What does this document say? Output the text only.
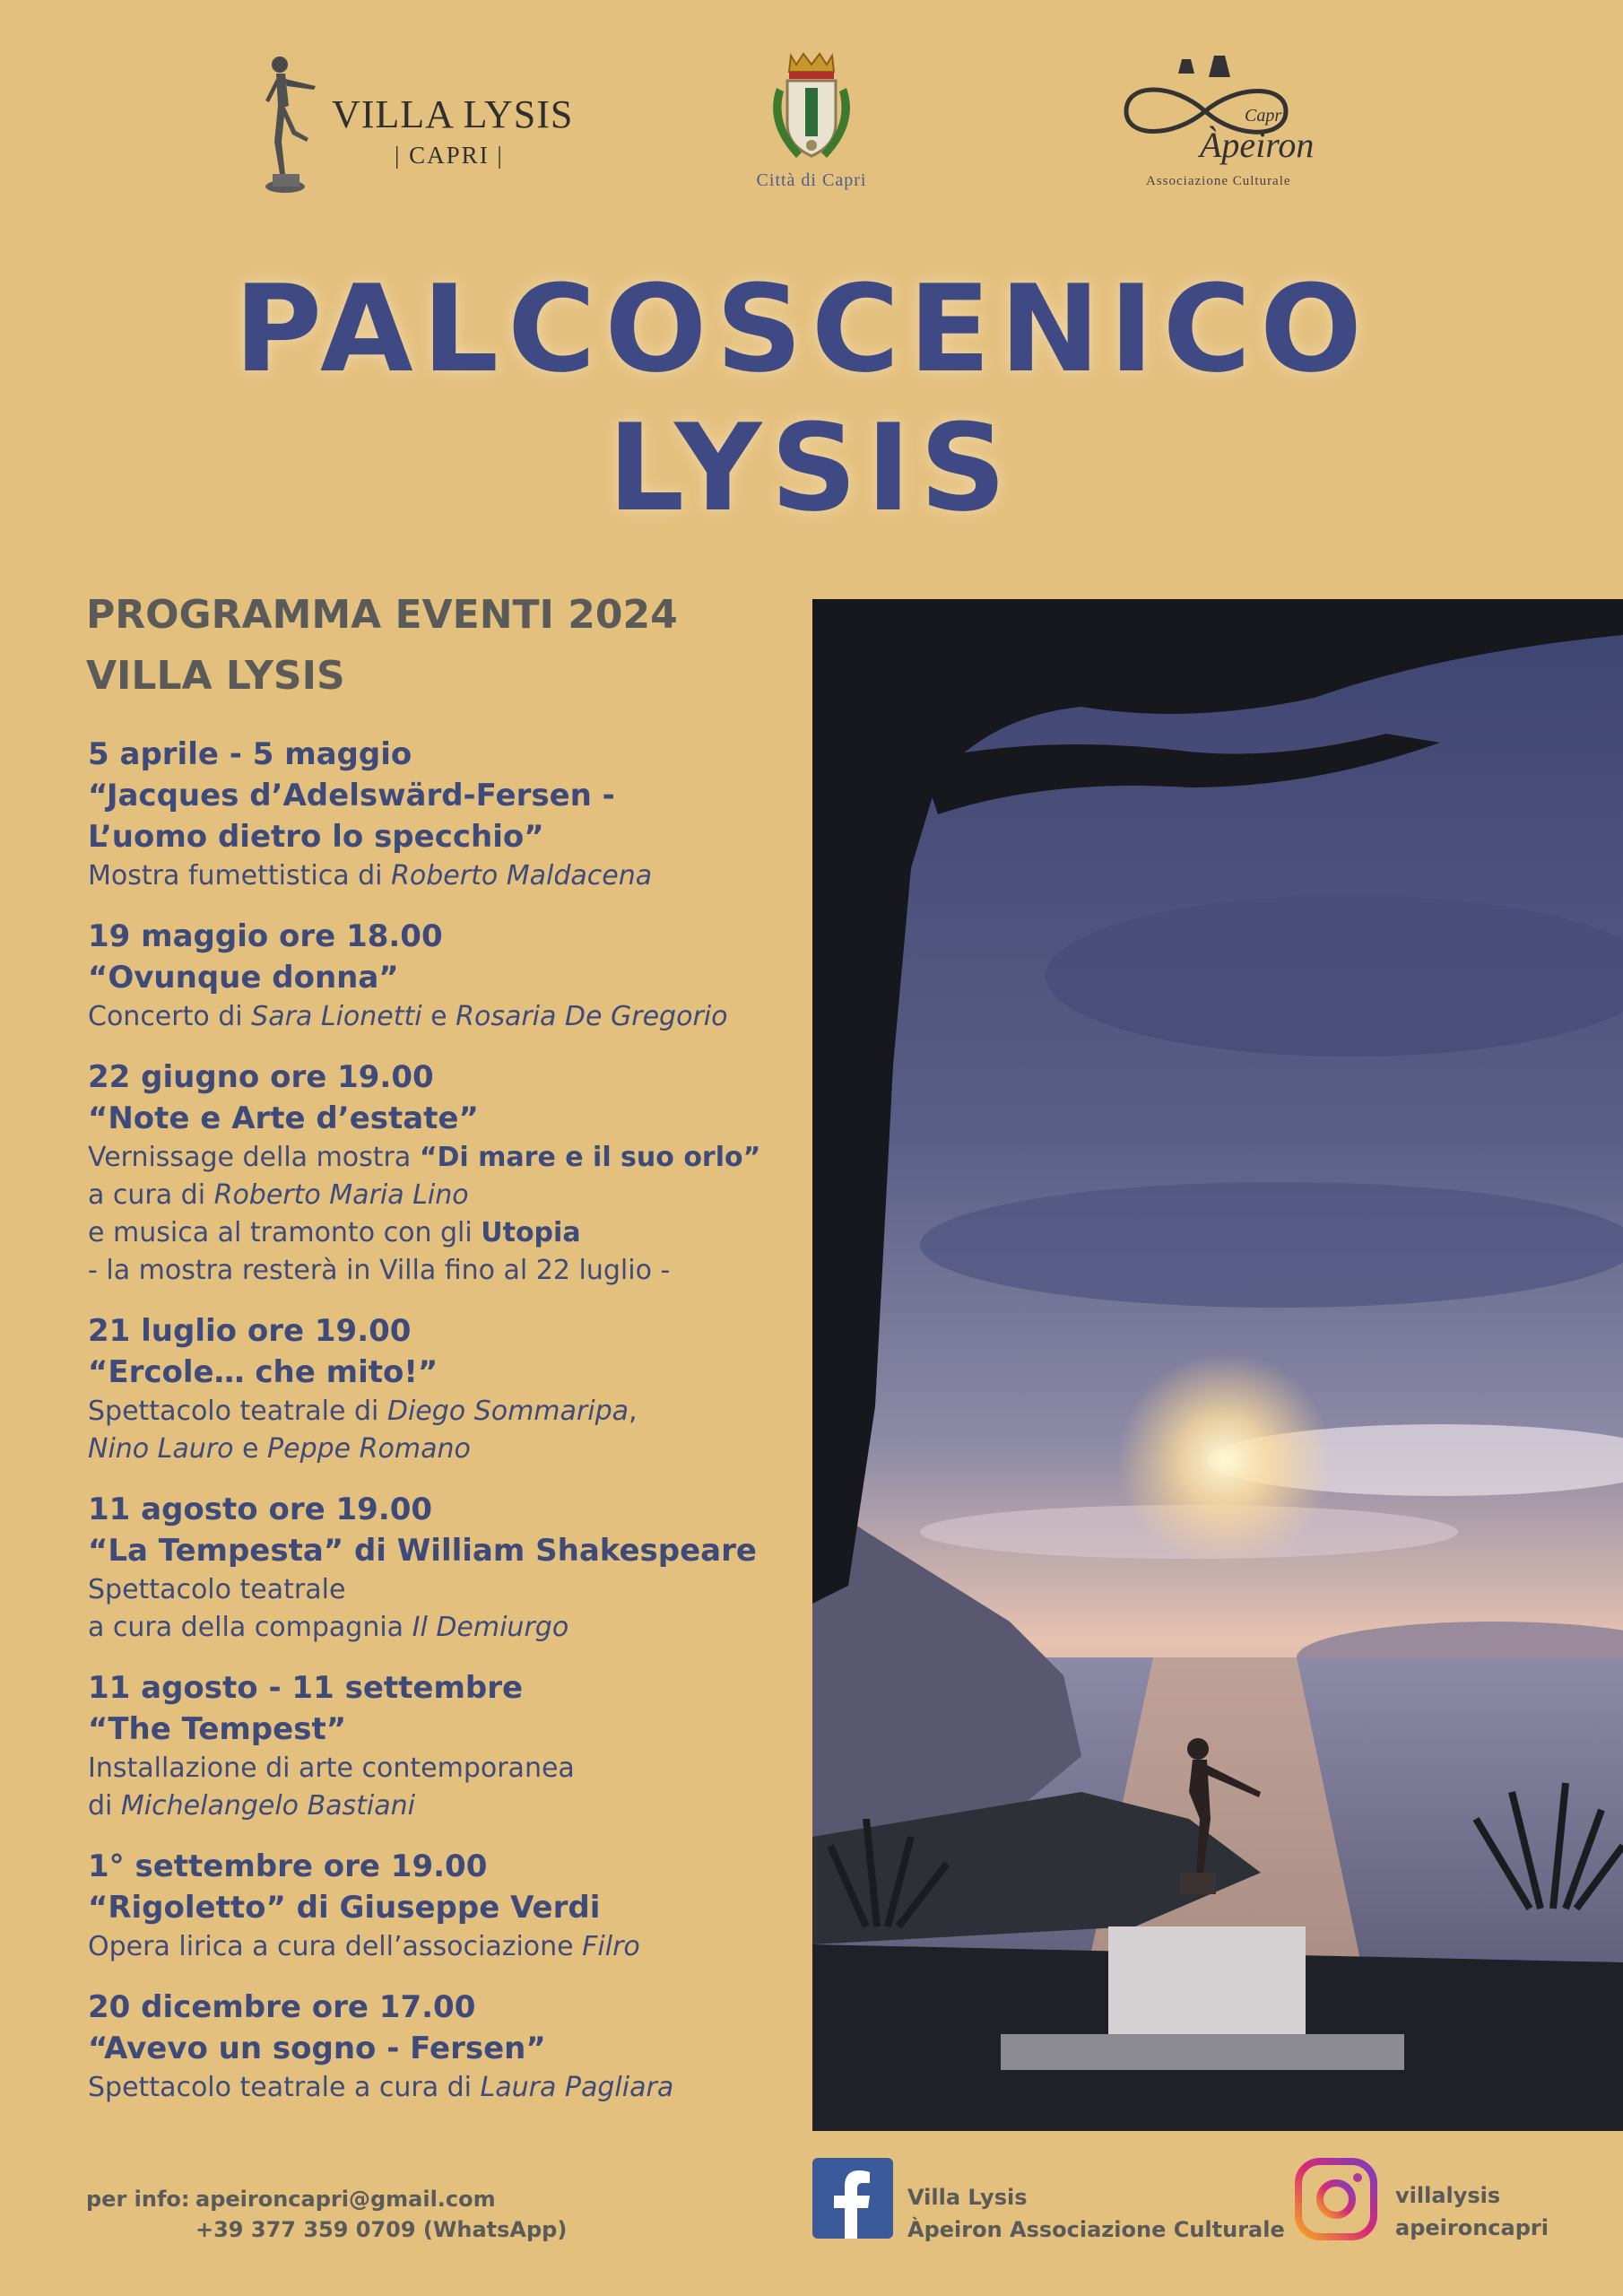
VILLA LYSIS
| CAPRI |
Città di Capri
Capri
Àpeiron
Associazione Culturale
PALCOSCENICO
LYSIS
PROGRAMMA EVENTI 2024
VILLA LYSIS
5 aprile - 5 maggio
“Jacques d’Adelswärd-Fersen -
L’uomo dietro lo specchio”
Mostra fumettistica di Roberto Maldacena
19 maggio ore 18.00
“Ovunque donna”
Concerto di Sara Lionetti e Rosaria De Gregorio
22 giugno ore 19.00
“Note e Arte d’estate”
Vernissage della mostra “Di mare e il suo orlo”
a cura di Roberto Maria Lino
e musica al tramonto con gli Utopia
- la mostra resterà in Villa fino al 22 luglio -
21 luglio ore 19.00
“Ercole… che mito!”
Spettacolo teatrale di Diego Sommaripa,
Nino Lauro e Peppe Romano
11 agosto ore 19.00
“La Tempesta” di William Shakespeare
Spettacolo teatrale
a cura della compagnia Il Demiurgo
11 agosto - 11 settembre
“The Tempest”
Installazione di arte contemporanea
di Michelangelo Bastiani
1° settembre ore 19.00
“Rigoletto” di Giuseppe Verdi
Opera lirica a cura dell’associazione Filro
20 dicembre ore 17.00
“Avevo un sogno - Fersen”
Spettacolo teatrale a cura di Laura Pagliara
per info: apeironcapri@gmail.com
+39 377 359 0709 (WhatsApp)
Villa Lysis
Àpeiron Associazione Culturale
villalysis
apeironcapri
